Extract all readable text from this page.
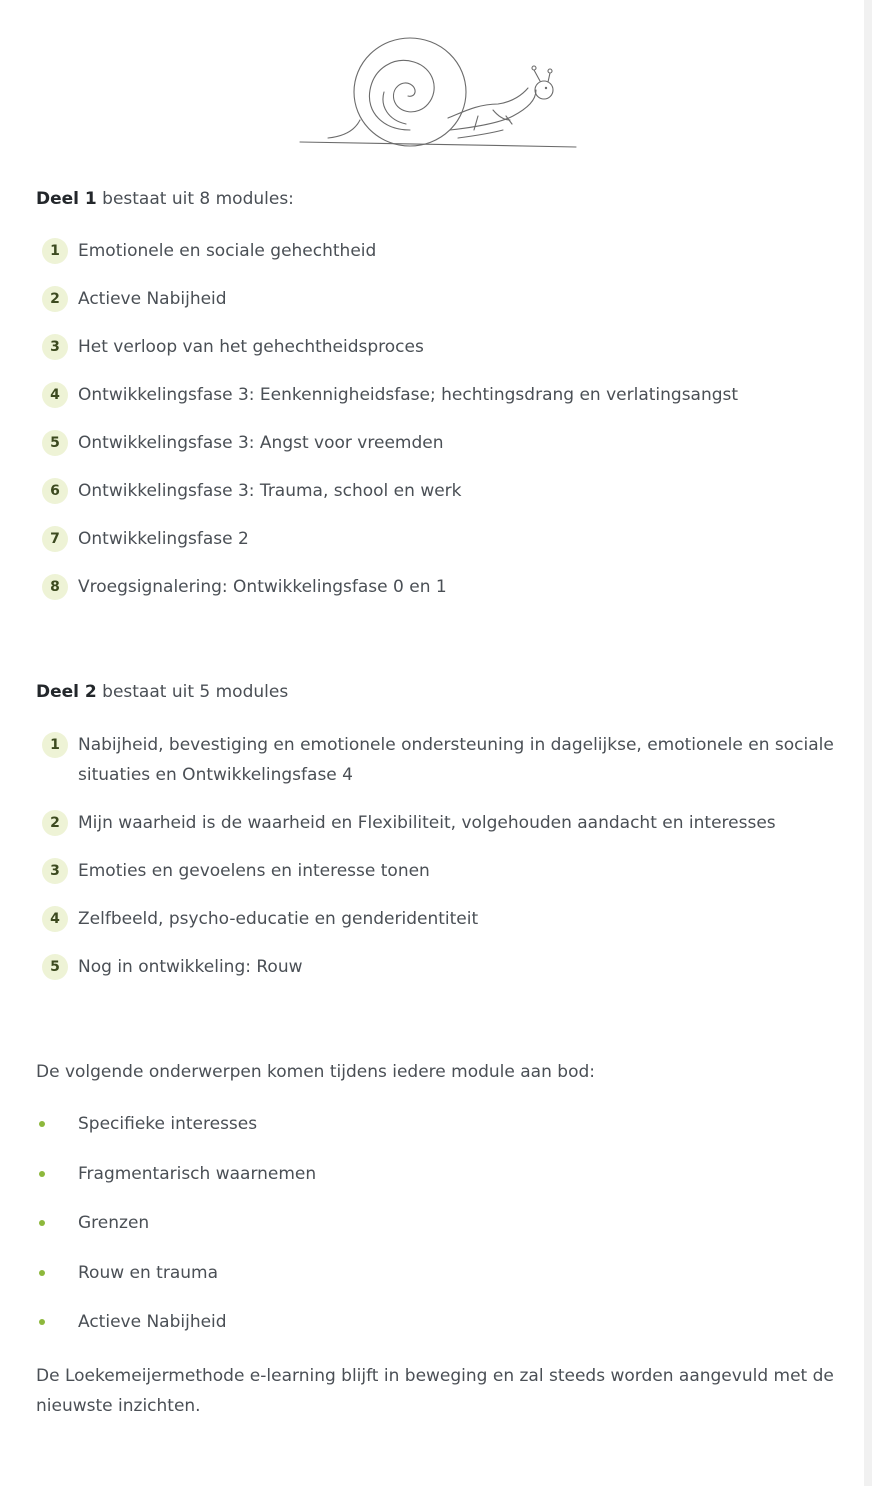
Deel 1 bestaat uit 8 modules:

1	Emotionele en sociale gehechtheid
2	Actieve Nabijheid
3	Het verloop van het gehechtheidsproces
4	Ontwikkelingsfase 3: Eenkennigheidsfase; hechtingsdrang en verlatingsangst
5	Ontwikkelingsfase 3: Angst voor vreemden
6	Ontwikkelingsfase 3: Trauma, school en werk
7	Ontwikkelingsfase 2
8	Vroegsignalering: Ontwikkelingsfase 0 en 1

Deel 2 bestaat uit 5 modules

1	Nabijheid, bevestiging en emotionele ondersteuning in dagelijkse, emotionele en sociale situaties en Ontwikkelingsfase 4
2	Mijn waarheid is de waarheid en Flexibiliteit, volgehouden aandacht en interesses
3	Emoties en gevoelens en interesse tonen
4	Zelfbeeld, psycho-educatie en genderidentiteit
5	Nog in ontwikkeling: Rouw

De volgende onderwerpen komen tijdens iedere module aan bod:

Specifieke interesses
Fragmentarisch waarnemen
Grenzen
Rouw en trauma
Actieve Nabijheid

De Loekemeijermethode e-learning blijft in beweging en zal steeds worden aangevuld met de nieuwste inzichten.
